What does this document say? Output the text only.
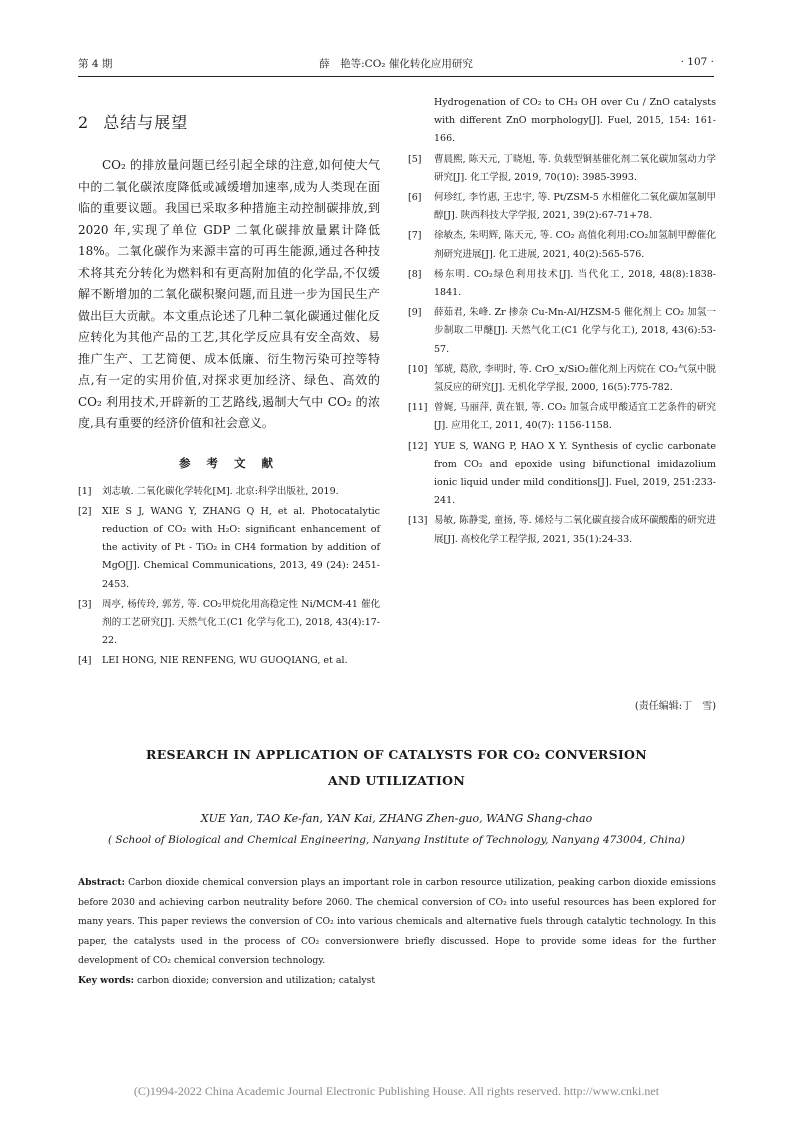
第 4 期	薛　艳等:CO₂ 催化转化应用研究	· 107 ·
2 总结与展望

CO₂ 的排放量问题已经引起全球的注意,如何使大气中的二氧化碳浓度降低或减缓增加速率,成为人类现在面临的重要议题。我国已采取多种措施主动控制碳排放,到 2020 年,实现了单位 GDP 二氧化碳排放量累计降低 18%。二氧化碳作为来源丰富的可再生能源,通过各种技术将其充分转化为燃料和有更高附加值的化学品,不仅缓解不断增加的二氧化碳积聚问题,而且进一步为国民生产做出巨大贡献。本文重点论述了几种二氧化碳通过催化反应转化为其他产品的工艺,其化学反应具有安全高效、易推广生产、工艺简便、成本低廉、衍生物污染可控等特点,有一定的实用价值,对探求更加经济、绿色、高效的 CO₂ 利用技术,开辟新的工艺路线,遏制大气中 CO₂ 的浓度,具有重要的经济价值和社会意义。

参 考 文 献
[1]	刘志敏. 二氧化碳化学转化[M]. 北京:科学出版社, 2019.
[2]	XIE S J, WANG Y, ZHANG Q H, et al. Photocatalytic reduction of CO₂ with H₂O: significant enhancement of the activity of Pt - TiO₂ in CH4 formation by addition of MgO[J]. Chemical Communications, 2013, 49 (24): 2451-2453.
[3]	周亭, 杨传玲, 郭芳, 等. CO₂甲烷化用高稳定性 Ni/MCM-41 催化剂的工艺研究[J]. 天然气化工(C1 化学与化工), 2018, 43(4):17-22.
[4]	LEI HONG, NIE RENFENG, WU GUOQIANG, et al.
Hydrogenation of CO₂ to CH₃ OH over Cu / ZnO catalysts with different ZnO morphology[J]. Fuel, 2015, 154: 161-166.
[5]	曹晨熙, 陈天元, 丁晓旭, 等. 负载型铜基催化剂二氧化碳加氢动力学研究[J]. 化工学报, 2019, 70(10): 3985-3993.
[6]	何珍红, 李竹惠, 王忠宇, 等. Pt/ZSM-5 水相催化二氧化碳加氢制甲醇[J]. 陕西科技大学学报, 2021, 39(2):67-71+78.
[7]	徐敏杰, 朱明辉, 陈天元, 等. CO₂ 高值化利用:CO₂加氢制甲醇催化剂研究进展[J]. 化工进展, 2021, 40(2):565-576.
[8]	杨东明. CO₂绿色利用技术[J]. 当代化工, 2018, 48(8):1838-1841.
[9]	薛茹君, 朱峰. Zr 掺杂 Cu-Mn-Al/HZSM-5 催化剂上 CO₂ 加氢一步制取二甲醚[J]. 天然气化工(C1 化学与化工), 2018, 43(6):53-57.
[10] 邹琥, 葛欣, 李明时, 等. CrO_x/SiO₂催化剂上丙烷在 CO₂气氛中脱氢反应的研究[J]. 无机化学学报, 2000, 16(5):775-782.
[11] 曾娓, 马丽萍, 黄在银, 等. CO₂ 加氢合成甲酸适宜工艺条件的研究[J]. 应用化工, 2011, 40(7): 1156-1158.
[12] YUE S, WANG P, HAO X Y. Synthesis of cyclic carbonate from CO₂ and epoxide using bifunctional imidazolium ionic liquid under mild conditions[J]. Fuel, 2019, 251:233-241.
[13] 易敏, 陈静雯, 童扬, 等. 烯烃与二氧化碳直接合成环碳酸酯的研究进展[J]. 高校化学工程学报, 2021, 35(1):24-33.
(责任编辑:丁　雪)
RESEARCH IN APPLICATION OF CATALYSTS FOR CO₂ CONVERSION
AND UTILIZATION
XUE Yan, TAO Ke-fan, YAN Kai, ZHANG Zhen-guo, WANG Shang-chao
( School of Biological and Chemical Engineering, Nanyang Institute of Technology, Nanyang 473004, China)
Abstract: Carbon dioxide chemical conversion plays an important role in carbon resource utilization, peaking carbon dioxide emissions before 2030 and achieving carbon neutrality before 2060. The chemical conversion of CO₂ into useful resources has been explored for many years. This paper reviews the conversion of CO₂ into various chemicals and alternative fuels through catalytic technology. In this paper, the catalysts used in the process of CO₂ conversionwere briefly discussed. Hope to provide some ideas for the further development of CO₂ chemical conversion technology.
Key words: carbon dioxide; conversion and utilization; catalyst
(C)1994-2022 China Academic Journal Electronic Publishing House. All rights reserved. http://www.cnki.net
